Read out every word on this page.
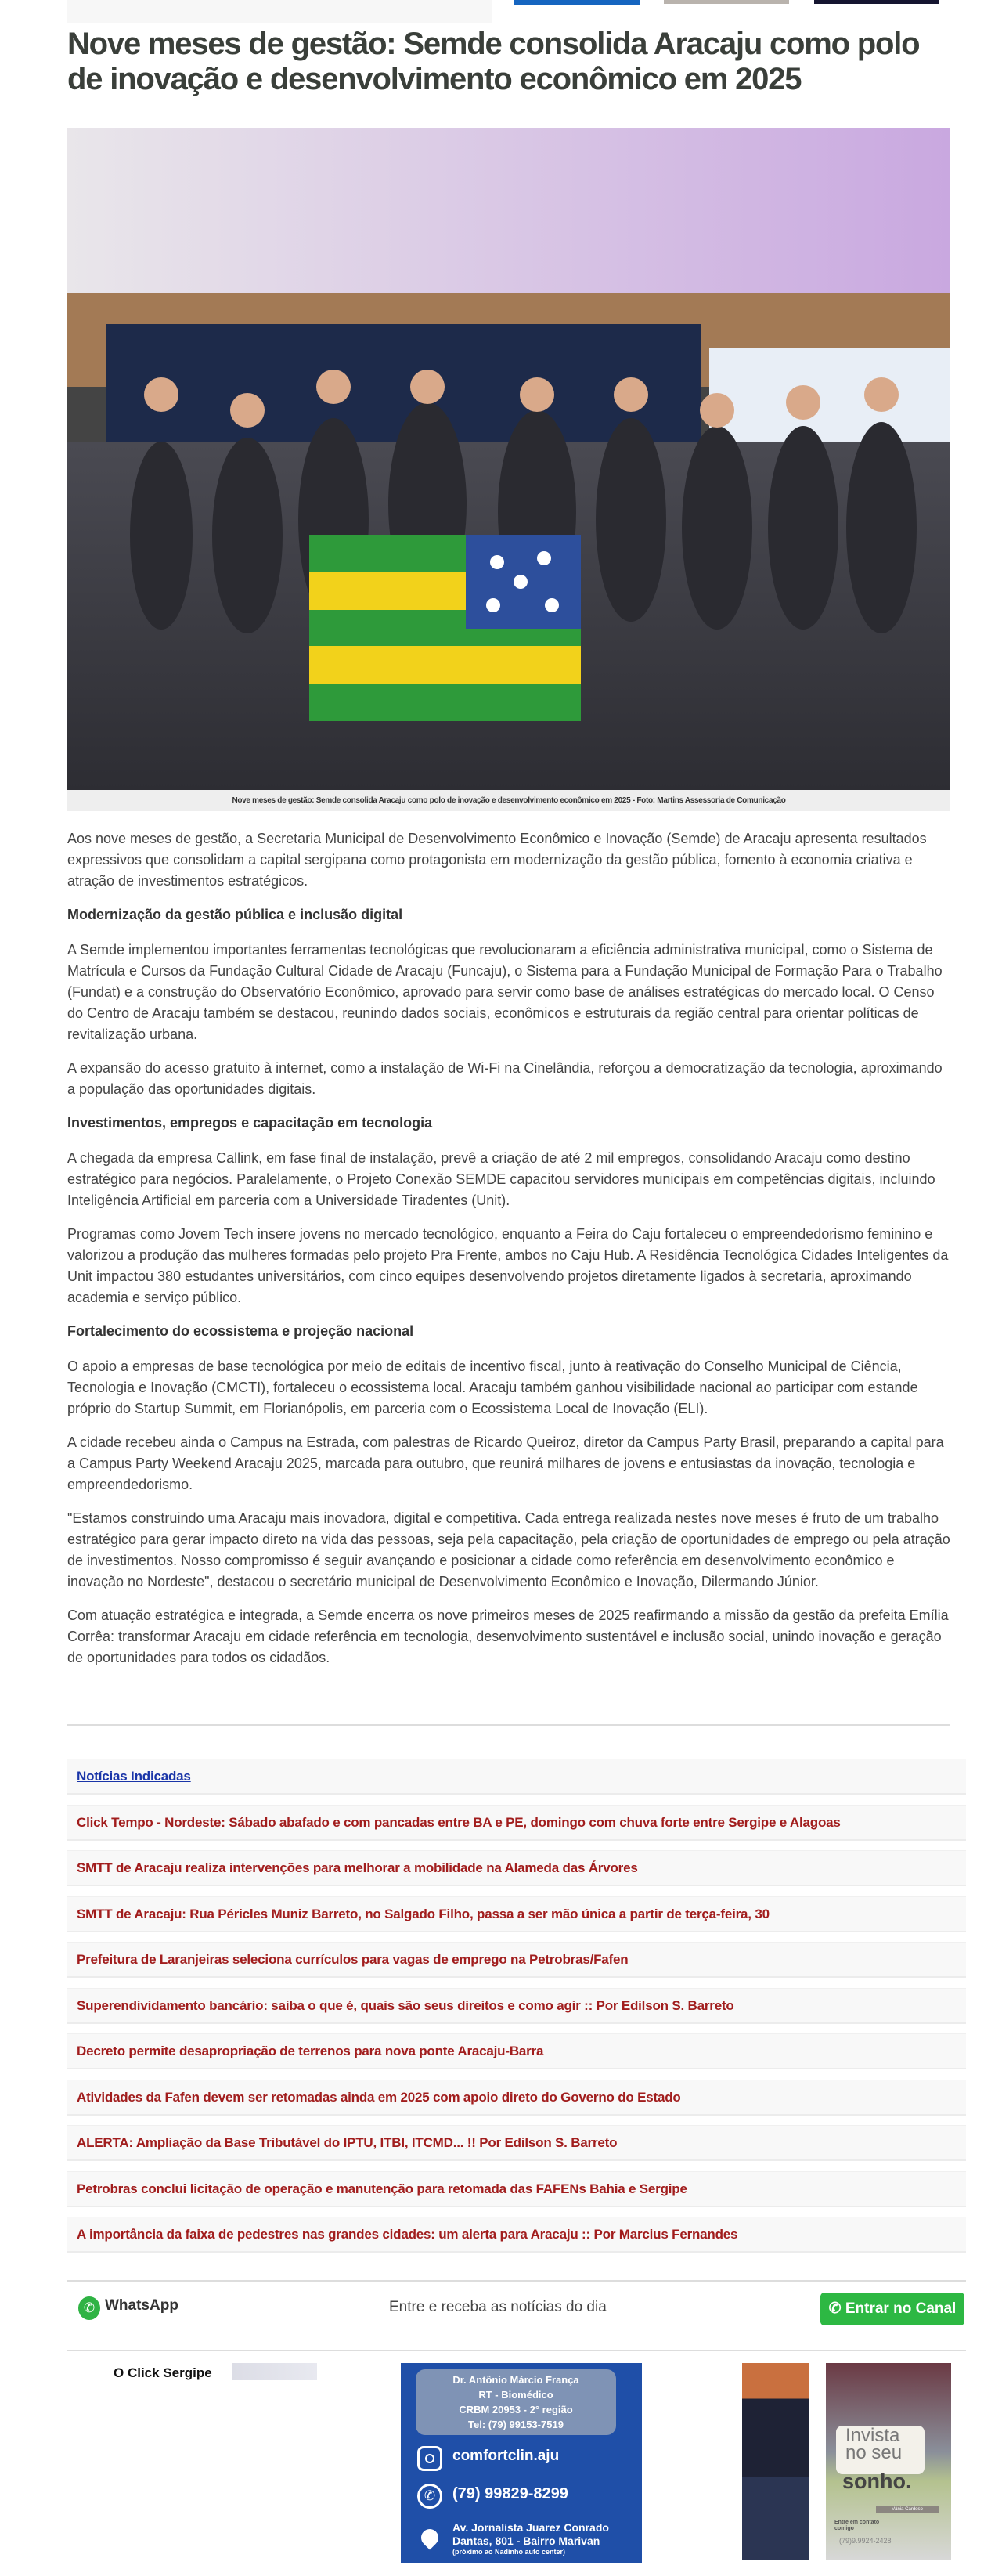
Nove meses de gestão: Semde consolida Aracaju como polo de inovação e desenvolvimento econômico em 2025
Nove meses de gestão: Semde consolida Aracaju como polo de inovação e desenvolvimento econômico em 2025 - Foto: Martins Assessoria de Comunicação

Aos nove meses de gestão, a Secretaria Municipal de Desenvolvimento Econômico e Inovação (Semde) de Aracaju apresenta resultados expressivos que consolidam a capital sergipana como protagonista em modernização da gestão pública, fomento à economia criativa e atração de investimentos estratégicos.

Modernização da gestão pública e inclusão digital

A Semde implementou importantes ferramentas tecnológicas que revolucionaram a eficiência administrativa municipal, como o Sistema de Matrícula e Cursos da Fundação Cultural Cidade de Aracaju (Funcaju), o Sistema para a Fundação Municipal de Formação Para o Trabalho (Fundat) e a construção do Observatório Econômico, aprovado para servir como base de análises estratégicas do mercado local. O Censo do Centro de Aracaju também se destacou, reunindo dados sociais, econômicos e estruturais da região central para orientar políticas de revitalização urbana.

A expansão do acesso gratuito à internet, como a instalação de Wi-Fi na Cinelândia, reforçou a democratização da tecnologia, aproximando a população das oportunidades digitais.

Investimentos, empregos e capacitação em tecnologia

A chegada da empresa Callink, em fase final de instalação, prevê a criação de até 2 mil empregos, consolidando Aracaju como destino estratégico para negócios. Paralelamente, o Projeto Conexão SEMDE capacitou servidores municipais em competências digitais, incluindo Inteligência Artificial em parceria com a Universidade Tiradentes (Unit).

Programas como Jovem Tech insere jovens no mercado tecnológico, enquanto a Feira do Caju fortaleceu o empreendedorismo feminino e valorizou a produção das mulheres formadas pelo projeto Pra Frente, ambos no Caju Hub. A Residência Tecnológica Cidades Inteligentes da Unit impactou 380 estudantes universitários, com cinco equipes desenvolvendo projetos diretamente ligados à secretaria, aproximando academia e serviço público.

Fortalecimento do ecossistema e projeção nacional

O apoio a empresas de base tecnológica por meio de editais de incentivo fiscal, junto à reativação do Conselho Municipal de Ciência, Tecnologia e Inovação (CMCTI), fortaleceu o ecossistema local. Aracaju também ganhou visibilidade nacional ao participar com estande próprio do Startup Summit, em Florianópolis, em parceria com o Ecossistema Local de Inovação (ELI).

A cidade recebeu ainda o Campus na Estrada, com palestras de Ricardo Queiroz, diretor da Campus Party Brasil, preparando a capital para a Campus Party Weekend Aracaju 2025, marcada para outubro, que reunirá milhares de jovens e entusiastas da inovação, tecnologia e empreendedorismo.

"Estamos construindo uma Aracaju mais inovadora, digital e competitiva. Cada entrega realizada nestes nove meses é fruto de um trabalho estratégico para gerar impacto direto na vida das pessoas, seja pela capacitação, pela criação de oportunidades de emprego ou pela atração de investimentos. Nosso compromisso é seguir avançando e posicionar a cidade como referência em desenvolvimento econômico e inovação no Nordeste", destacou o secretário municipal de Desenvolvimento Econômico e Inovação, Dilermando Júnior.

Com atuação estratégica e integrada, a Semde encerra os nove primeiros meses de 2025 reafirmando a missão da gestão da prefeita Emília Corrêa: transformar Aracaju em cidade referência em tecnologia, desenvolvimento sustentável e inclusão social, unindo inovação e geração de oportunidades para todos os cidadãos.

Notícias Indicadas
Click Tempo - Nordeste: Sábado abafado e com pancadas entre BA e PE, domingo com chuva forte entre Sergipe e Alagoas
SMTT de Aracaju realiza intervenções para melhorar a mobilidade na Alameda das Árvores
SMTT de Aracaju: Rua Péricles Muniz Barreto, no Salgado Filho, passa a ser mão única a partir de terça-feira, 30
Prefeitura de Laranjeiras seleciona currículos para vagas de emprego na Petrobras/Fafen
Superendividamento bancário: saiba o que é, quais são seus direitos e como agir :: Por Edilson S. Barreto
Decreto permite desapropriação de terrenos para nova ponte Aracaju-Barra
Atividades da Fafen devem ser retomadas ainda em 2025 com apoio direto do Governo do Estado
ALERTA: Ampliação da Base Tributável do IPTU, ITBI, ITCMD... !! Por Edilson S. Barreto
Petrobras conclui licitação de operação e manutenção para retomada das FAFENs Bahia e Sergipe
A importância da faixa de pedestres nas grandes cidades: um alerta para Aracaju :: Por Marcius Fernandes
✆ WhatsApp	Entre e receba as notícias do dia	✆ Entrar no Canal
O Click Sergipe	Dr. Antônio Márcio França
RT - Biomédico
CRBM 20953 - 2° região
Tel: (79) 99153-7519
comfortclin.aju
✆	(79) 99829-8299
Av. Jornalista Juarez Conrado
Dantas, 801 - Bairro Marivan
(próximo ao Nadinho auto center)
Invista
no seu
sonho.
Vânia Cardoso
Entre em contato comigo
(79)9.9924-2428
